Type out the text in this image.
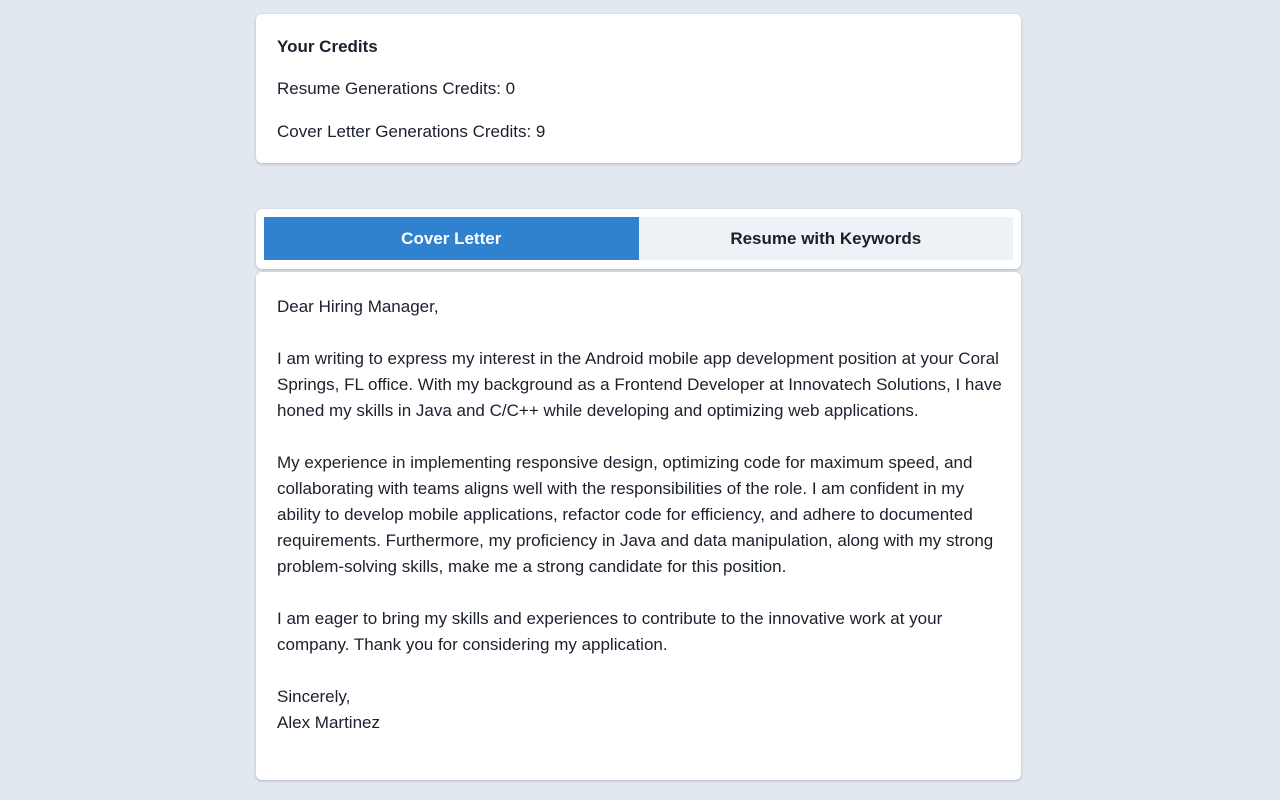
Your Credits

Resume Generations Credits: 0

Cover Letter Generations Credits: 9

Cover Letter	Resume with Keywords

Dear Hiring Manager,

I am writing to express my interest in the Android mobile app development position at your Coral Springs, FL office. With my background as a Frontend Developer at Innovatech Solutions, I have honed my skills in Java and C/C++ while developing and optimizing web applications.

My experience in implementing responsive design, optimizing code for maximum speed, and collaborating with teams aligns well with the responsibilities of the role. I am confident in my ability to develop mobile applications, refactor code for efficiency, and adhere to documented requirements. Furthermore, my proficiency in Java and data manipulation, along with my strong problem-solving skills, make me a strong candidate for this position.

I am eager to bring my skills and experiences to contribute to the innovative work at your company. Thank you for considering my application.

Sincerely,

Alex Martinez
